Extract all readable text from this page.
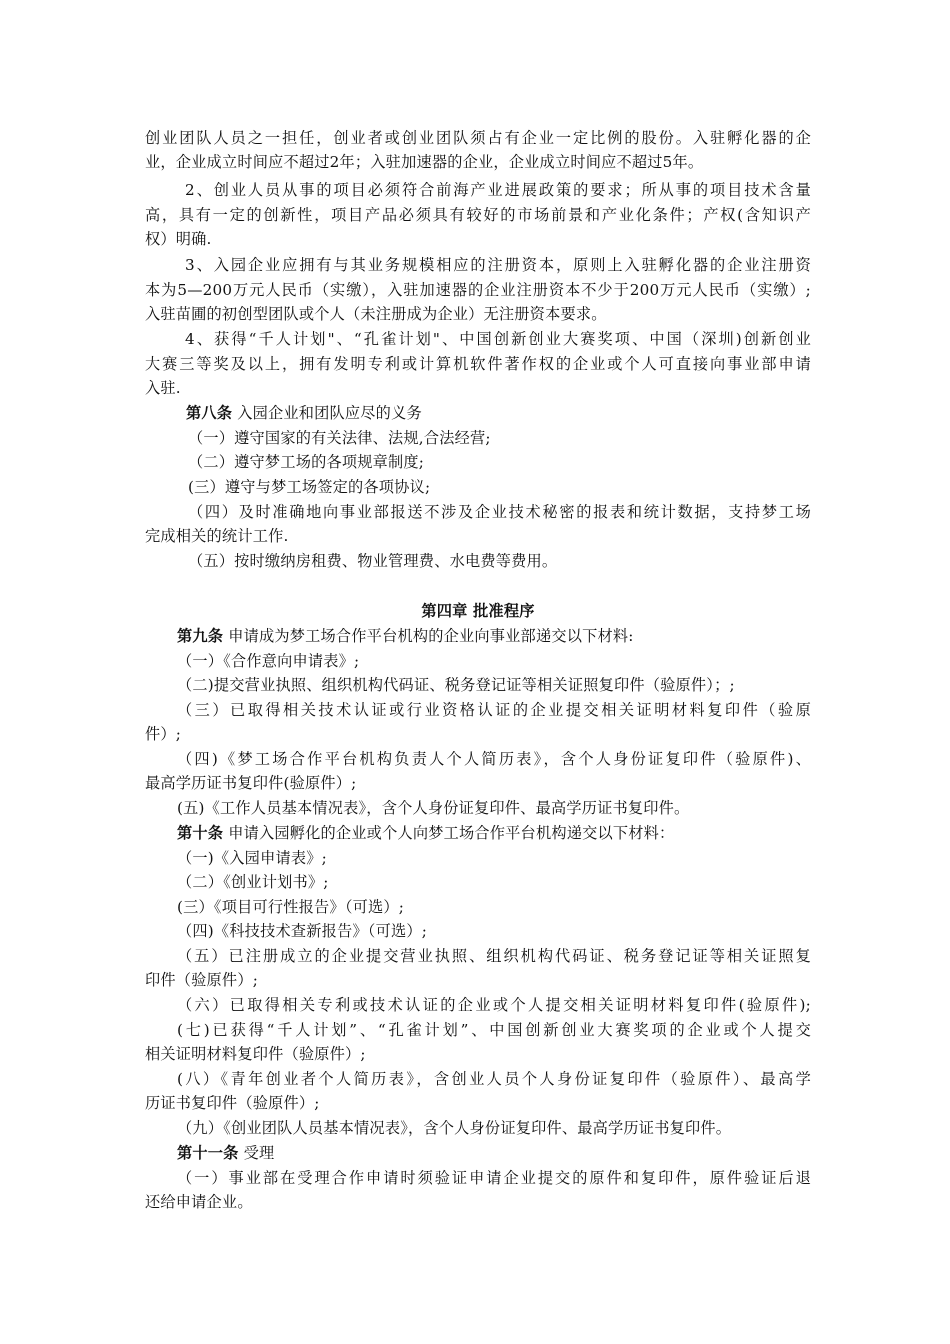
创业团队人员之一担任，创业者或创业团队须占有企业一定比例的股份。入驻孵化器的企
业，企业成立时间应不超过2年；入驻加速器的企业，企业成立时间应不超过5年。
2、创业人员从事的项目必须符合前海产业进展政策的要求；所从事的项目技术含量
高，具有一定的创新性，项目产品必须具有较好的市场前景和产业化条件；产权(含知识产
权）明确.
3、入园企业应拥有与其业务规模相应的注册资本，原则上入驻孵化器的企业注册资
本为5—200万元人民币（实缴），入驻加速器的企业注册资本不少于200万元人民币（实缴）;
入驻苗圃的初创型团队或个人（未注册成为企业）无注册资本要求。
4、获得“千人计划"、“孔雀计划"、中国创新创业大赛奖项、中国（深圳)创新创业
大赛三等奖及以上，拥有发明专利或计算机软件著作权的企业或个人可直接向事业部申请
入驻.
第八条 入园企业和团队应尽的义务
（一）遵守国家的有关法律、法规,合法经营;
（二）遵守梦工场的各项规章制度;
(三）遵守与梦工场签定的各项协议;
（四）及时准确地向事业部报送不涉及企业技术秘密的报表和统计数据，支持梦工场
完成相关的统计工作.
（五）按时缴纳房租费、物业管理费、水电费等费用。
第四章 批准程序
第九条 申请成为梦工场合作平台机构的企业向事业部递交以下材料:
（一）《合作意向申请表》;
（二)提交营业执照、组织机构代码证、税务登记证等相关证照复印件（验原件）；;
（三）已取得相关技术认证或行业资格认证的企业提交相关证明材料复印件（验原
件）;
（四)《梦工场合作平台机构负责人个人简历表》，含个人身份证复印件（验原件)、
最高学历证书复印件(验原件）;
(五)《工作人员基本情况表》，含个人身份证复印件、最高学历证书复印件。
第十条 申请入园孵化的企业或个人向梦工场合作平台机构递交以下材料：
（一)《入园申请表》;
（二）《创业计划书》;
(三）《项目可行性报告》（可选）;
（四)《科技技术查新报告》（可选）;
（五）已注册成立的企业提交营业执照、组织机构代码证、税务登记证等相关证照复
印件（验原件）;
（六）已取得相关专利或技术认证的企业或个人提交相关证明材料复印件(验原件);
(七)已获得“千人计划”、“孔雀计划”、中国创新创业大赛奖项的企业或个人提交
相关证明材料复印件（验原件）;
(八）《青年创业者个人简历表》，含创业人员个人身份证复印件（验原件）、最高学
历证书复印件（验原件）;
（九）《创业团队人员基本情况表》，含个人身份证复印件、最高学历证书复印件。
第十一条 受理
（一）事业部在受理合作申请时须验证申请企业提交的原件和复印件，原件验证后退
还给申请企业。
